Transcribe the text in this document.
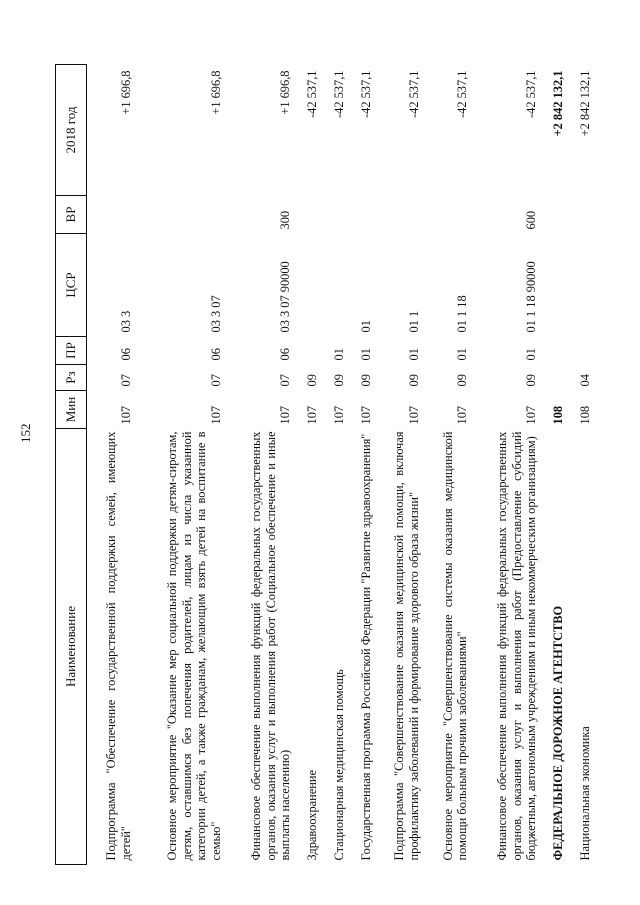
152
Наименование	Мин	Рз	ПР	ЦСР	ВР	2018 год
Подпрограмма "Обеспечение государственной поддержки семей, имеющих детей"	107	07	06	03 3		+1 696,8
Основное мероприятие "Оказание мер социальной поддержки детям-сиротам, детям, оставшимся без попечения родителей, лицам из числа указанной категории детей, а также гражданам, желающим взять детей на воспитание в семью"	107	07	06	03 3 07		+1 696,8
Финансовое обеспечение выполнения функций федеральных государственных органов, оказания услуг и выполнения работ (Социальное обеспечение и иные выплаты населению)	107	07	06	03 3 07 90000	300	+1 696,8
Здравоохранение	107	09				-42 537,1
Стационарная медицинская помощь	107	09	01			-42 537,1
Государственная программа Российской Федерации "Развитие здравоохранения"	107	09	01	01		-42 537,1
Подпрограмма "Совершенствование оказания медицинской помощи, включая профилактику заболеваний и формирование здорового образа жизни"	107	09	01	01 1		-42 537,1
Основное мероприятие "Совершенствование системы оказания медицинской помощи больным прочими заболеваниями"	107	09	01	01 1 18		-42 537,1
Финансовое обеспечение выполнения функций федеральных государственных органов, оказания услуг и выполнения работ (Предоставление субсидий бюджетным, автономным учреждениям и иным некоммерческим организациям)	107	09	01	01 1 18 90000	600	-42 537,1
ФЕДЕРАЛЬНОЕ ДОРОЖНОЕ АГЕНТСТВО	108					+2 842 132,1
Национальная экономика	108	04				+2 842 132,1
